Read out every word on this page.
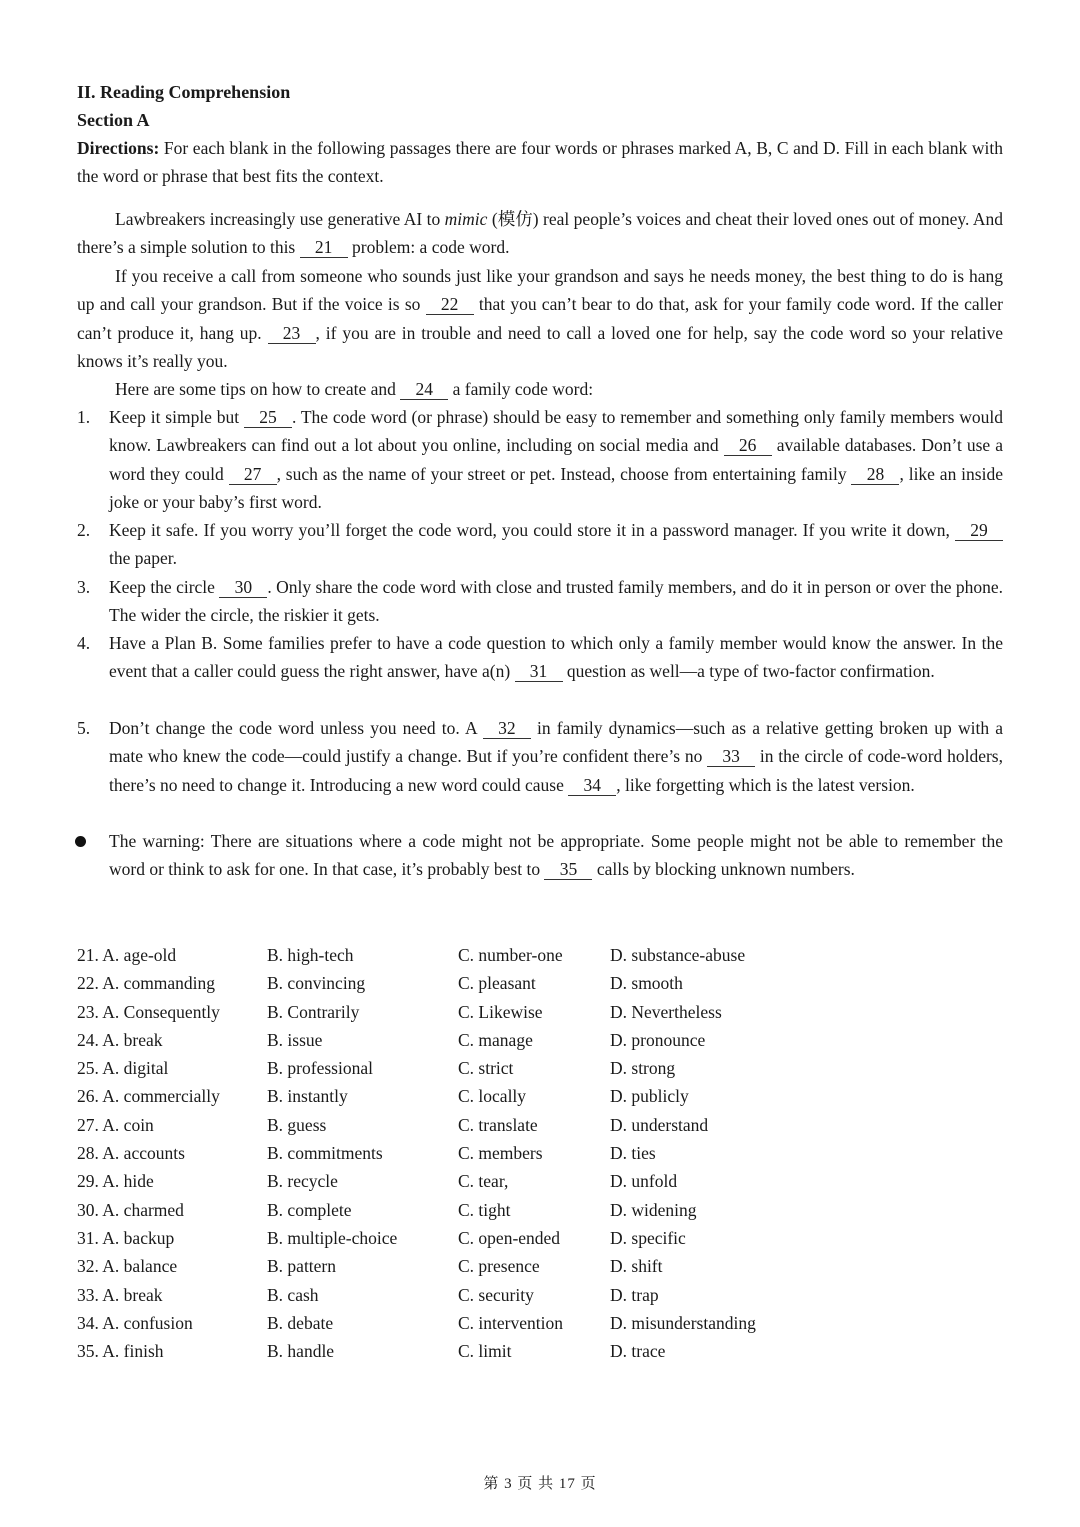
II. Reading Comprehension
Section A

Directions: For each blank in the following passages there are four words or phrases marked A, B, C and D. Fill in each blank with the word or phrase that best fits the context.

Lawbreakers increasingly use generative AI to mimic (模仿) real people’s voices and cheat their loved ones out of money. And there’s a simple solution to this 21 problem: a code word.

If you receive a call from someone who sounds just like your grandson and says he needs money, the best thing to do is hang up and call your grandson. But if the voice is so 22 that you can’t bear to do that, ask for your family code word. If the caller can’t produce it, hang up. 23 , if you are in trouble and need to call a loved one for help, say the code word so your relative knows it’s really you.

Here are some tips on how to create and 24 a family code word:

1.	Keep it simple but 25 . The code word (or phrase) should be easy to remember and something only family members would know. Lawbreakers can find out a lot about you online, including on social media and 26 available databases. Don’t use a word they could 27 , such as the name of your street or pet. Instead, choose from entertaining family 28 , like an inside joke or your baby’s first word.

2.	Keep it safe. If you worry you’ll forget the code word, you could store it in a password manager. If you write it down, 29 the paper.

3.	Keep the circle 30 . Only share the code word with close and trusted family members, and do it in person or over the phone. The wider the circle, the riskier it gets.

4.	Have a Plan B. Some families prefer to have a code question to which only a family member would know the answer. In the event that a caller could guess the right answer, have a(n) 31 question as well—a type of two-factor confirmation.

5.	Don’t change the code word unless you need to. A 32 in family dynamics—such as a relative getting broken up with a mate who knew the code—could justify a change. But if you’re confident there’s no 33 in the circle of code-word holders, there’s no need to change it. Introducing a new word could cause 34 , like forgetting which is the latest version.

The warning: There are situations where a code might not be appropriate. Some people might not be able to remember the word or think to ask for one. In that case, it’s probably best to 35 calls by blocking unknown numbers.

21. A. age-old	B. high-tech	C. number-one	D. substance-abuse
22. A. commanding	B. convincing	C. pleasant	D. smooth
23. A. Consequently	B. Contrarily	C. Likewise	D. Nevertheless
24. A. break	B. issue	C. manage	D. pronounce
25. A. digital	B. professional	C. strict	D. strong
26. A. commercially	B. instantly	C. locally	D. publicly
27. A. coin	B. guess	C. translate	D. understand
28. A. accounts	B. commitments	C. members	D. ties
29. A. hide	B. recycle	C. tear,	D. unfold
30. A. charmed	B. complete	C. tight	D. widening
31. A. backup	B. multiple-choice	C. open-ended	D. specific
32. A. balance	B. pattern	C. presence	D. shift
33. A. break	B. cash	C. security	D. trap
34. A. confusion	B. debate	C. intervention	D. misunderstanding
35. A. finish	B. handle	C. limit	D. trace
第 3 页 共 17 页
